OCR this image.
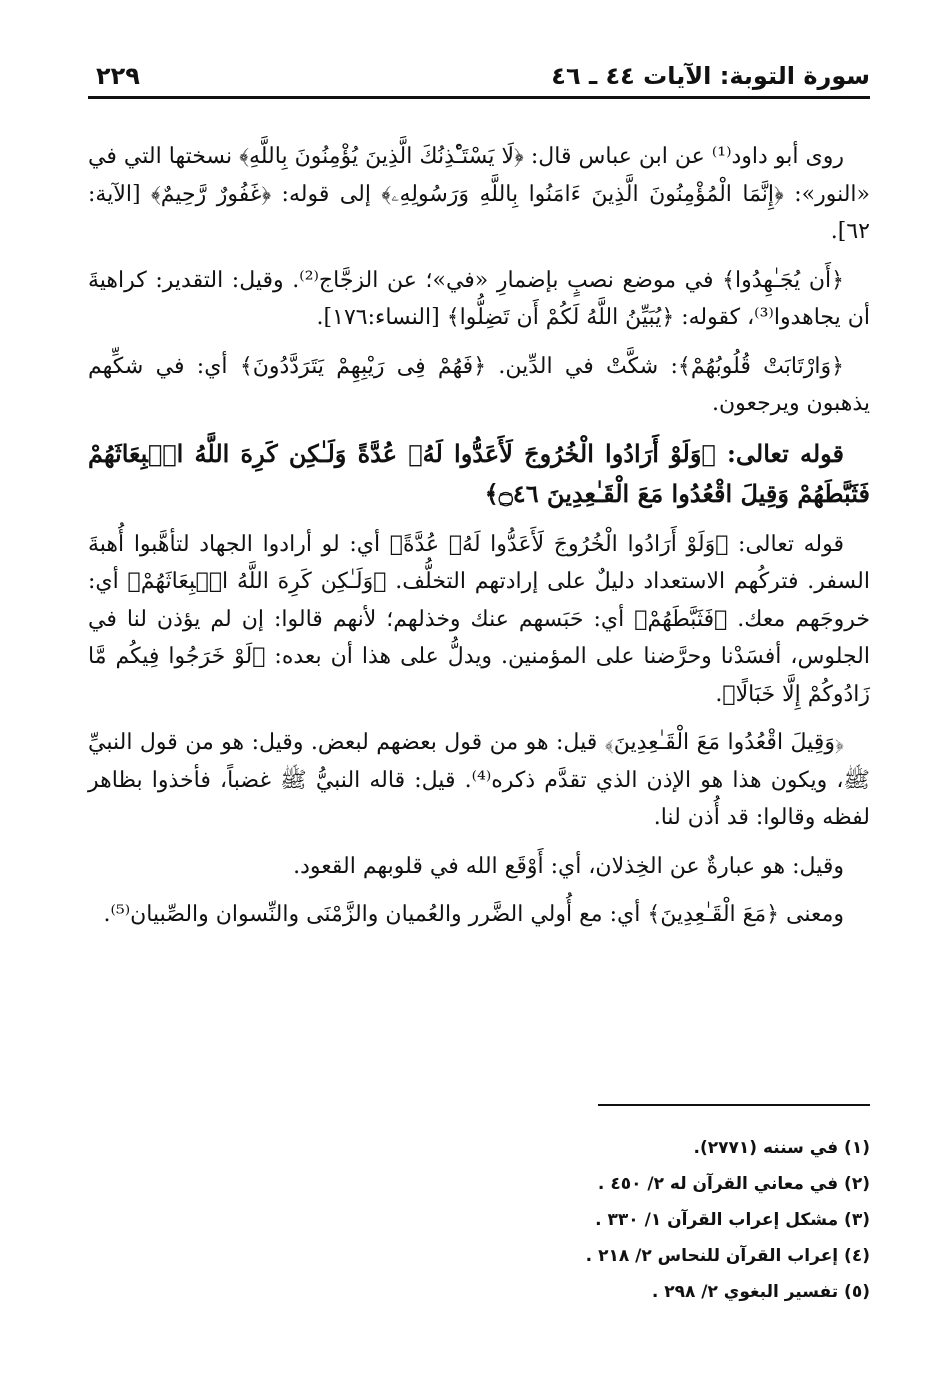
سورة التوبة: الآيات ٤٤ ـ ٤٦
٢٢٩

روى أبو داود⁽¹⁾ عن ابن عباس قال: ﴿لَا يَسْتَـْٔذِنُكَ الَّذِينَ يُؤْمِنُونَ بِاللَّهِ﴾ نسختها التي في «النور»: ﴿إِنَّمَا الْمُؤْمِنُونَ الَّذِينَ ءَامَنُوا بِاللَّهِ وَرَسُولِهِۦ﴾ إلى قوله: ﴿غَفُورٌ رَّحِيمٌ﴾ [الآية: ٦٢].

﴿أَن يُجَـٰهِدُوا﴾ في موضع نصبٍ بإضمارِ «في»؛ عن الزجَّاج⁽²⁾. وقيل: التقدير: كراهيةَ أن يجاهدوا⁽³⁾، كقوله: ﴿يُبَيِّنُ اللَّهُ لَكُمْ أَن تَضِلُّوا﴾ [النساء:١٧٦].

﴿وَارْتَابَتْ قُلُوبُهُمْ﴾: شكَّتْ في الدِّين. ﴿فَهُمْ فِى رَيْبِهِمْ يَتَرَدَّدُونَ﴾ أي: في شكِّهم يذهبون ويرجعون.

قوله تعالى: ﴿وَلَوْ أَرَادُوا الْخُرُوجَ لَأَعَدُّوا لَهُۥ عُدَّةً وَلَـٰكِن كَرِهَ اللَّهُ انۢبِعَاثَهُمْ فَثَبَّطَهُمْ وَقِيلَ اقْعُدُوا مَعَ الْقَـٰعِدِينَ ۝٤٦﴾

قوله تعالى: ﴿وَلَوْ أَرَادُوا الْخُرُوجَ لَأَعَدُّوا لَهُۥ عُدَّةً﴾ أي: لو أرادوا الجهاد لتأهَّبوا أُهبةَ السفر. فتركُهم الاستعداد دليلٌ على إرادتهم التخلُّف. ﴿وَلَـٰكِن كَرِهَ اللَّهُ انۢبِعَاثَهُمْ﴾ أي: خروجَهم معك. ﴿فَثَبَّطَهُمْ﴾ أي: حَبَسهم عنك وخذلهم؛ لأنهم قالوا: إن لم يؤذن لنا في الجلوس، أفسَدْنا وحرَّضنا على المؤمنين. ويدلُّ على هذا أن بعده: ﴿لَوْ خَرَجُوا فِيكُم مَّا زَادُوكُمْ إِلَّا خَبَالًا﴾.

﴿وَقِيلَ اقْعُدُوا مَعَ الْقَـٰعِدِينَ﴾ قيل: هو من قول بعضهم لبعض. وقيل: هو من قول النبيِّ ﷺ، ويكون هذا هو الإذن الذي تقدَّم ذكره⁽⁴⁾. قيل: قاله النبيُّ ﷺ غضباً، فأخذوا بظاهر لفظه وقالوا: قد أُذن لنا.

وقيل: هو عبارةٌ عن الخِذلان، أي: أَوْقَع الله في قلوبهم القعود.

ومعنى ﴿مَعَ الْقَـٰعِدِينَ﴾ أي: مع أُولي الضَّرر والعُميان والزَّمْنَى والنِّسوان والصِّبيان⁽⁵⁾.

(١) في سننه (٢٧٧١).
(٢) في معاني القرآن له ٢/ ٤٥٠ .
(٣) مشكل إعراب القرآن ١/ ٣٣٠ .
(٤) إعراب القرآن للنحاس ٢/ ٢١٨ .
(٥) تفسير البغوي ٢/ ٢٩٨ .
